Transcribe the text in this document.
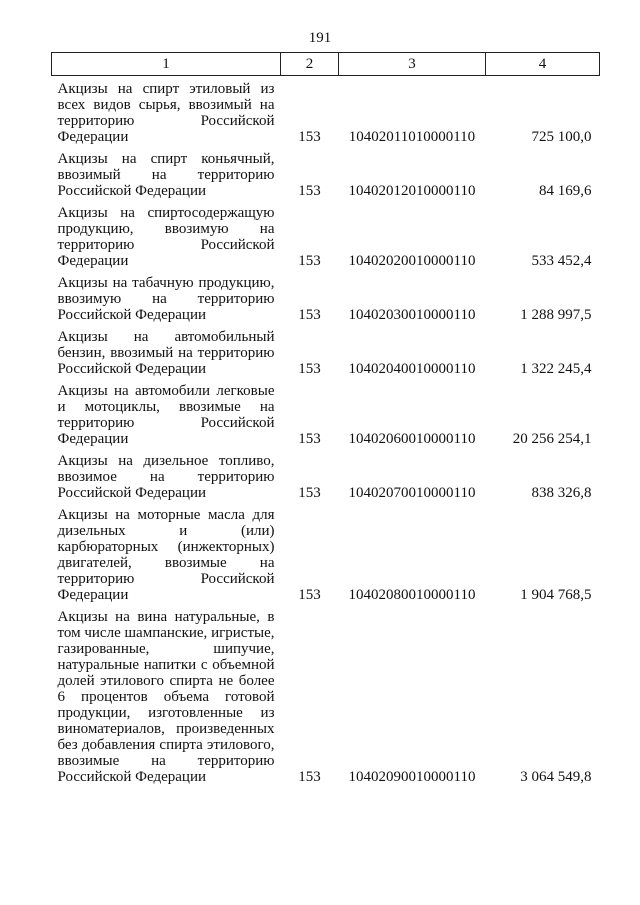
191
1	2	3	4
Акцизы на спирт этиловый из всех видов сырья, ввозимый на территорию Российской Федерации	153	10402011010000110	725 100,0
Акцизы на спирт коньячный, ввозимый на территорию Российской Федерации	153	10402012010000110	84 169,6
Акцизы на спиртосодержащую продукцию, ввозимую на территорию Российской Федерации	153	10402020010000110	533 452,4
Акцизы на табачную продукцию, ввозимую на территорию Российской Федерации	153	10402030010000110	1 288 997,5
Акцизы на автомобильный бензин, ввозимый на территорию Российской Федерации	153	10402040010000110	1 322 245,4
Акцизы на автомобили легковые и мотоциклы, ввозимые на территорию Российской Федерации	153	10402060010000110	20 256 254,1
Акцизы на дизельное топливо, ввозимое на территорию Российской Федерации	153	10402070010000110	838 326,8
Акцизы на моторные масла для дизельных и (или) карбюраторных (инжекторных) двигателей, ввозимые на территорию Российской Федерации	153	10402080010000110	1 904 768,5
Акцизы на вина натуральные, в том числе шампанские, игристые, газированные, шипучие, натуральные напитки с объемной долей этилового спирта не более 6 процентов объема готовой продукции, изготовленные из виноматериалов, произведенных без добавления спирта этилового, ввозимые на территорию Российской Федерации	153	10402090010000110	3 064 549,8
